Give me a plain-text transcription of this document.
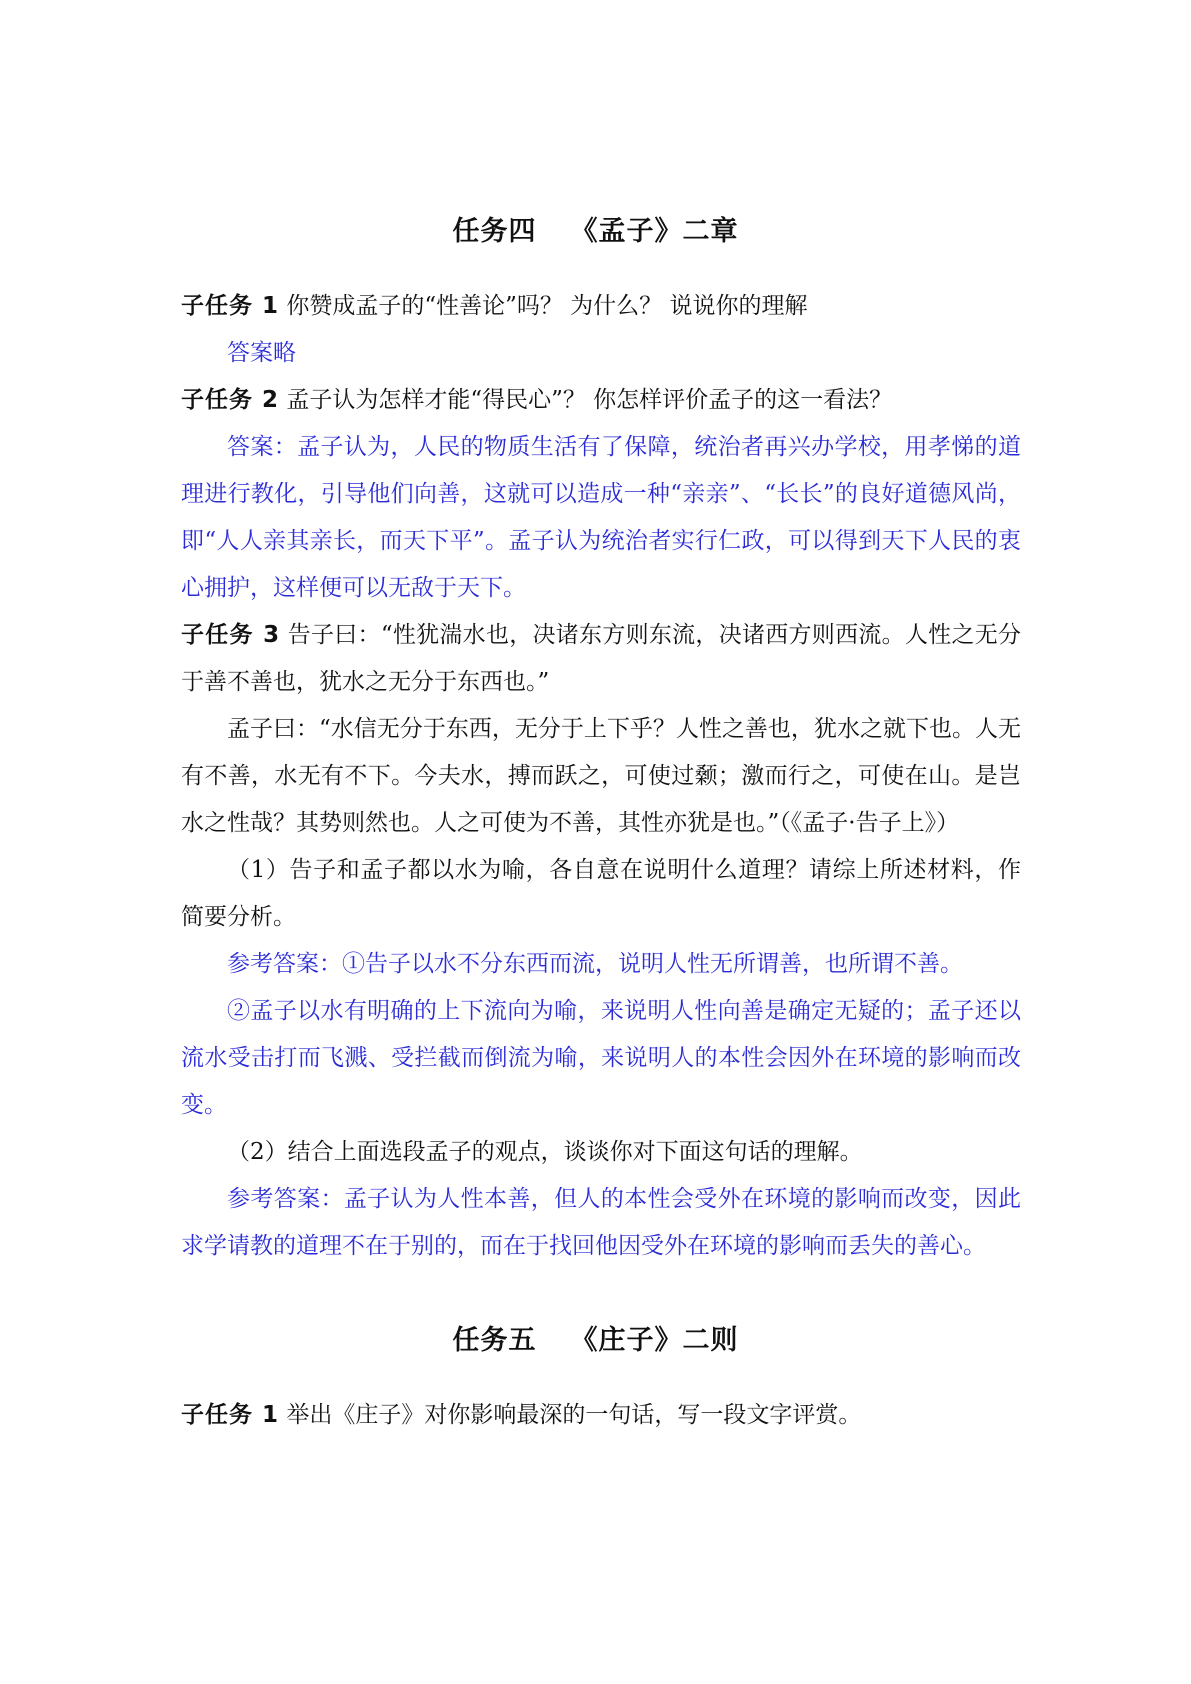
任务四 《孟子》二章

子任务 1 你赞成孟子的“性善论”吗？ 为什么？ 说说你的理解

答案略

子任务 2 孟子认为怎样才能“得民心”？ 你怎样评价孟子的这一看法？

答案：孟子认为，人民的物质生活有了保障，统治者再兴办学校，用孝悌的道理进行教化，引导他们向善，这就可以造成一种“亲亲”、“长长”的良好道德风尚，即“人人亲其亲长，而天下平”。孟子认为统治者实行仁政，可以得到天下人民的衷心拥护，这样便可以无敌于天下。

子任务 3 告子曰：“性犹湍水也，决诸东方则东流，决诸西方则西流。人性之无分于善不善也，犹水之无分于东西也。”

孟子曰：“水信无分于东西，无分于上下乎？人性之善也，犹水之就下也。人无有不善，水无有不下。今夫水，搏而跃之，可使过颡；激而行之，可使在山。是岂水之性哉？其势则然也。人之可使为不善，其性亦犹是也。”（《孟子·告子上》）

（1）告子和孟子都以水为喻，各自意在说明什么道理？请综上所述材料，作简要分析。

参考答案：①告子以水不分东西而流，说明人性无所谓善，也所谓不善。

②孟子以水有明确的上下流向为喻，来说明人性向善是确定无疑的；孟子还以流水受击打而飞溅、受拦截而倒流为喻，来说明人的本性会因外在环境的影响而改变。

（2）结合上面选段孟子的观点，谈谈你对下面这句话的理解。

参考答案：孟子认为人性本善，但人的本性会受外在环境的影响而改变，因此求学请教的道理不在于别的，而在于找回他因受外在环境的影响而丢失的善心。

任务五 《庄子》二则

子任务 1 举出《庄子》对你影响最深的一句话，写一段文字评赏。
